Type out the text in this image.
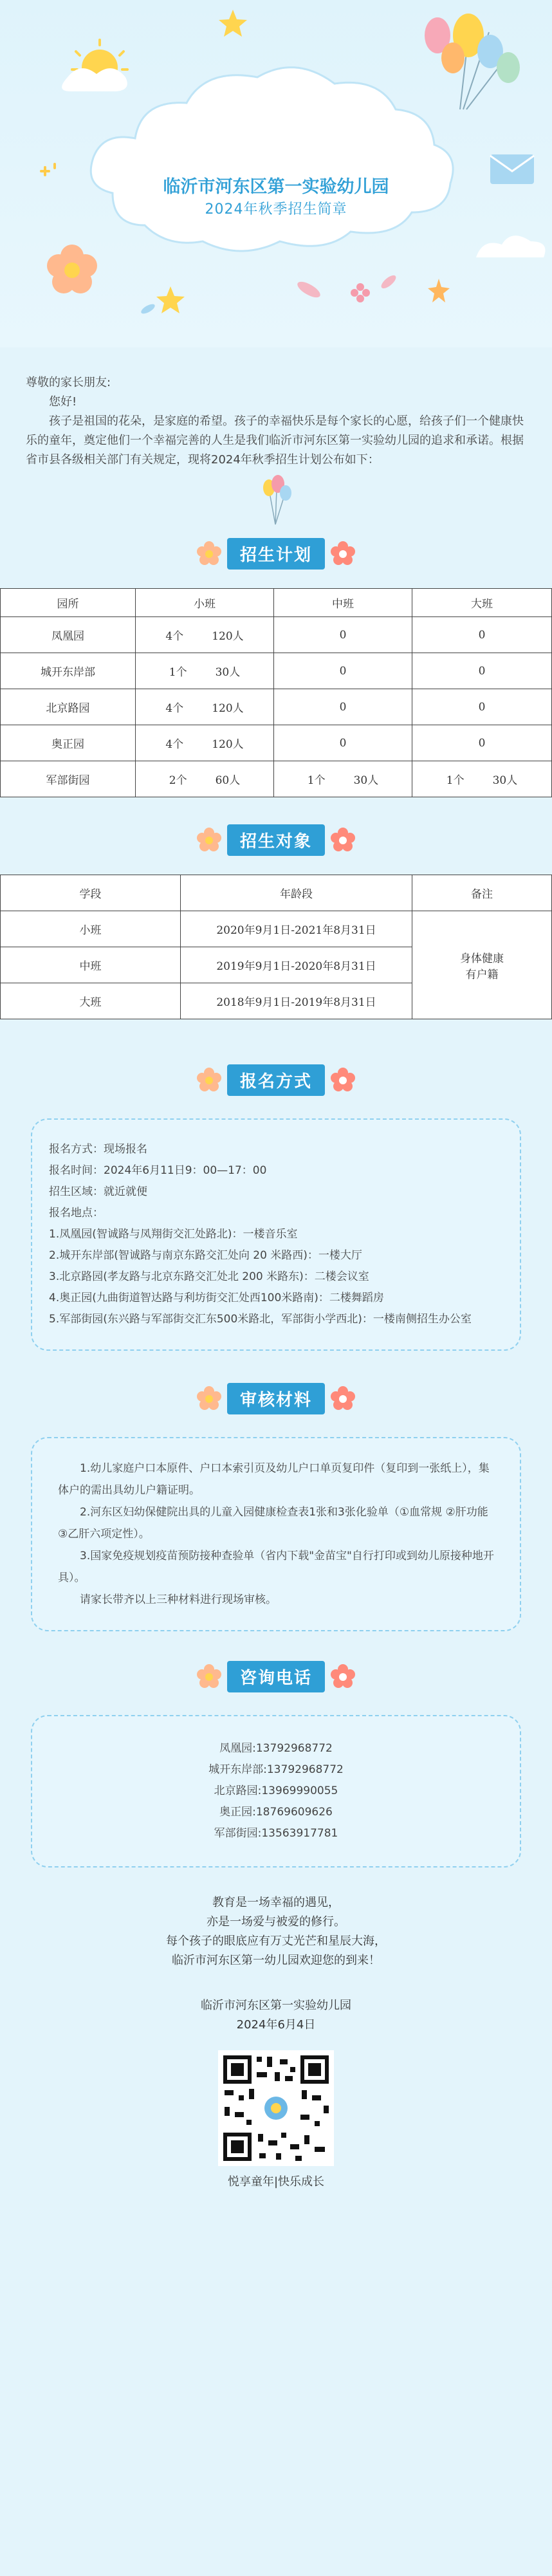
临沂市河东区第一实验幼儿园
2024年秋季招生简章

尊敬的家长朋友:

您好!

孩子是祖国的花朵，是家庭的希望。孩子的幸福快乐是每个家长的心愿，给孩子们一个健康快乐的童年，奠定他们一个幸福完善的人生是我们临沂市河东区第一实验幼儿园的追求和承诺。根据省市县各级相关部门有关规定，现将2024年秋季招生计划公布如下：

招生计划
园所	小班	中班	大班
凤凰园	4个 120人	0	0
城开东岸部	1个 30人	0	0
北京路园	4个 120人	0	0
奥正园	4个 120人	0	0
军部街园	2个 60人	1个 30人	1个 30人
招生对象
学段	年龄段	备注
小班	2020年9月1日-2021年8月31日	身体健康
有户籍

中班	2019年9月1日-2020年8月31日	
大班	2018年9月1日-2019年8月31日	
报名方式
报名方式：现场报名
报名时间：2024年6月11日9：00—17：00
招生区域：就近就便
报名地点：
1.凤凰园(智诚路与凤翔街交汇处路北)：一楼音乐室
2.城开东岸部(智诚路与南京东路交汇处向 20 米路西)：一楼大厅
3.北京路园(孝友路与北京东路交汇处北 200 米路东)：二楼会议室
4.奥正园(九曲街道智达路与利坊街交汇处西100米路南)：二楼舞蹈房
5.军部街园(东兴路与军部街交汇东500米路北，军部街小学西北)：一楼南侧招生办公室
审核材料
1.幼儿家庭户口本原件、户口本索引页及幼儿户口单页复印件（复印到一张纸上），集体户的需出具幼儿户籍证明。
2.河东区妇幼保健院出具的儿童入园健康检查表1张和3张化验单（①血常规 ②肝功能③乙肝六项定性）。
3.国家免疫规划疫苗预防接种查验单（省内下载"金苗宝"自行打印或到幼儿原接种地开具）。
请家长带齐以上三种材料进行现场审核。
咨询电话
凤凰园:13792968772
城开东岸部:13792968772
北京路园:13969990055
奥正园:18769609626
军部街园:13563917781
教育是一场幸福的遇见，
亦是一场爱与被爱的修行。
每个孩子的眼底应有万丈光芒和星辰大海，
临沂市河东区第一幼儿园欢迎您的到来！
临沂市河东区第一实验幼儿园
2024年6月4日
悦享童年|快乐成长
